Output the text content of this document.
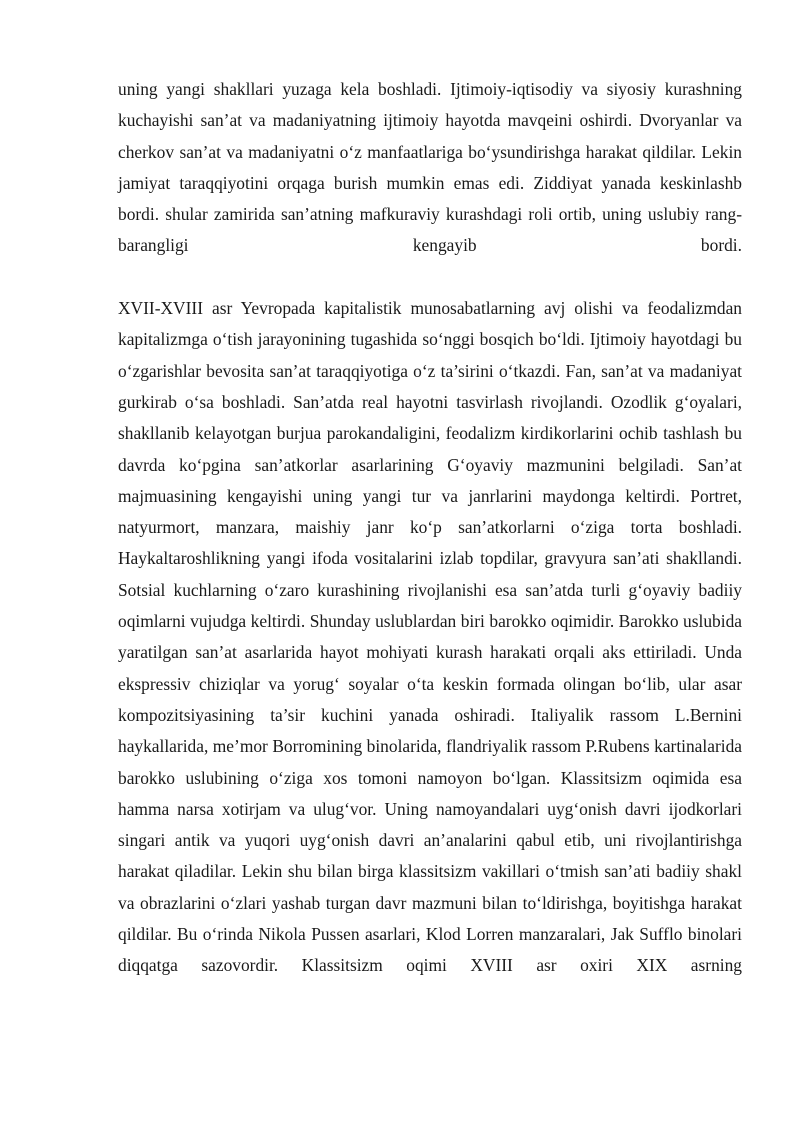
uning yangi shakllari yuzaga kela boshladi. Ijtimoiy-iqtisodiy va siyosiy kurashning kuchayishi san’at va madaniyatning ijtimoiy hayotda mavqeini oshirdi. Dvoryanlar va cherkov san’at va madaniyatni o‘z manfaatlariga bo‘ysundirishga harakat qildilar. Lekin jamiyat taraqqiyotini orqaga burish mumkin emas edi. Ziddiyat yanada keskinlashb bordi. shular zamirida san’atning mafkuraviy kurashdagi roli ortib, uning uslubiy rang-barangligi kengayib bordi.

XVII-XVIII asr Yevropada kapitalistik munosabatlarning avj olishi va feodalizmdan kapitalizmga o‘tish jarayonining tugashida so‘nggi bosqich bo‘ldi. Ijtimoiy hayotdagi bu o‘zgarishlar bevosita san’at taraqqiyotiga o‘z ta’sirini o‘tkazdi. Fan, san’at va madaniyat gurkirab o‘sa boshladi. San’atda real hayotni tasvirlash rivojlandi. Ozodlik g‘oyalari, shakllanib kelayotgan burjua parokandaligini, feodalizm kirdikorlarini ochib tashlash bu davrda ko‘pgina san’atkorlar asarlarining G‘oyaviy mazmunini belgiladi. San’at majmuasining kengayishi uning yangi tur va janrlarini maydonga keltirdi. Portret, natyurmort, manzara, maishiy janr ko‘p san’atkorlarni o‘ziga torta boshladi. Haykaltaroshlikning yangi ifoda vositalarini izlab topdilar, gravyura san’ati shakllandi. Sotsial kuchlarning o‘zaro kurashining rivojlanishi esa san’atda turli g‘oyaviy badiiy oqimlarni vujudga keltirdi. Shunday uslublardan biri barokko oqimidir. Barokko uslubida yaratilgan san’at asarlarida hayot mohiyati kurash harakati orqali aks ettiriladi. Unda ekspressiv chiziqlar va yorug‘ soyalar o‘ta keskin formada olingan bo‘lib, ular asar kompozitsiyasining ta’sir kuchini yanada oshiradi. Italiyalik rassom L.Bernini haykallarida, me’mor Borromining binolarida, flandriyalik rassom P.Rubens kartinalarida barokko uslubining o‘ziga xos tomoni namoyon bo‘lgan. Klassitsizm oqimida esa hamma narsa xotirjam va ulug‘vor. Uning namoyandalari uyg‘onish davri ijodkorlari singari antik va yuqori uyg‘onish davri an’analarini qabul etib, uni rivojlantirishga harakat qiladilar. Lekin shu bilan birga klassitsizm vakillari o‘tmish san’ati badiiy shakl va obrazlarini o‘zlari yashab turgan davr mazmuni bilan to‘ldirishga, boyitishga harakat qildilar. Bu o‘rinda Nikola Pussen asarlari, Klod Lorren manzaralari, Jak Sufflo binolari diqqatga sazovordir. Klassitsizm oqimi XVIII asr oxiri XIX asrning
